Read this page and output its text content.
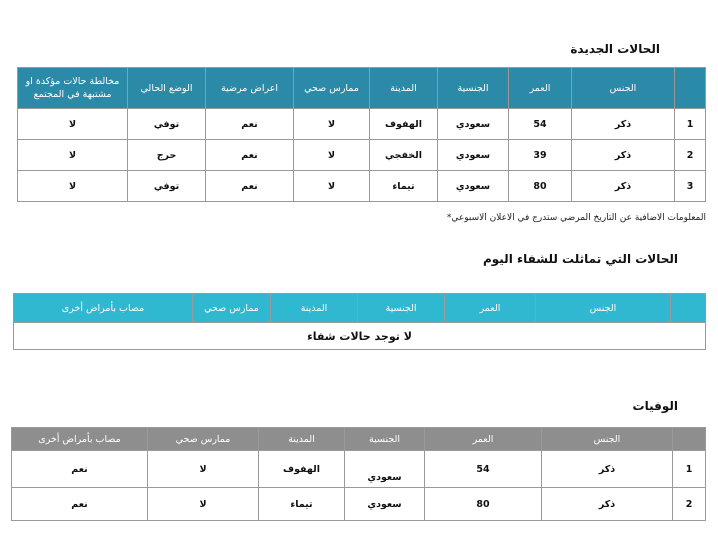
الحالات الجديدة
	الجنس	العمر	الجنسية	المدينة	ممارس صحي	اعراض مرضية	الوضع الحالي	مخالطة حالات مؤكدة او مشتبهة في المجتمع
1	ذكر	54	سعودي	الهفوف	لا	نعم	توفي	لا
2	ذكر	39	سعودي	الخفجي	لا	نعم	حرج	لا
3	ذكر	80	سعودي	تيماء	لا	نعم	توفي	لا
المعلومات الاضافية عن التاريخ المرضي ستدرج في الاعلان الاسبوعي*
الحالات التي تماثلت للشفاء اليوم
	الجنس	العمر	الجنسية	المدينة	ممارس صحي	مصاب بأمراض أخرى
لا توجد حالات شفاء
الوفيات
	الجنس	العمر	الجنسية	المدينة	ممارس صحي	مصاب بأمراض أخرى
1	ذكر	54	سعودي	الهفوف	لا	نعم
2	ذكر	80	سعودي	تيماء	لا	نعم
